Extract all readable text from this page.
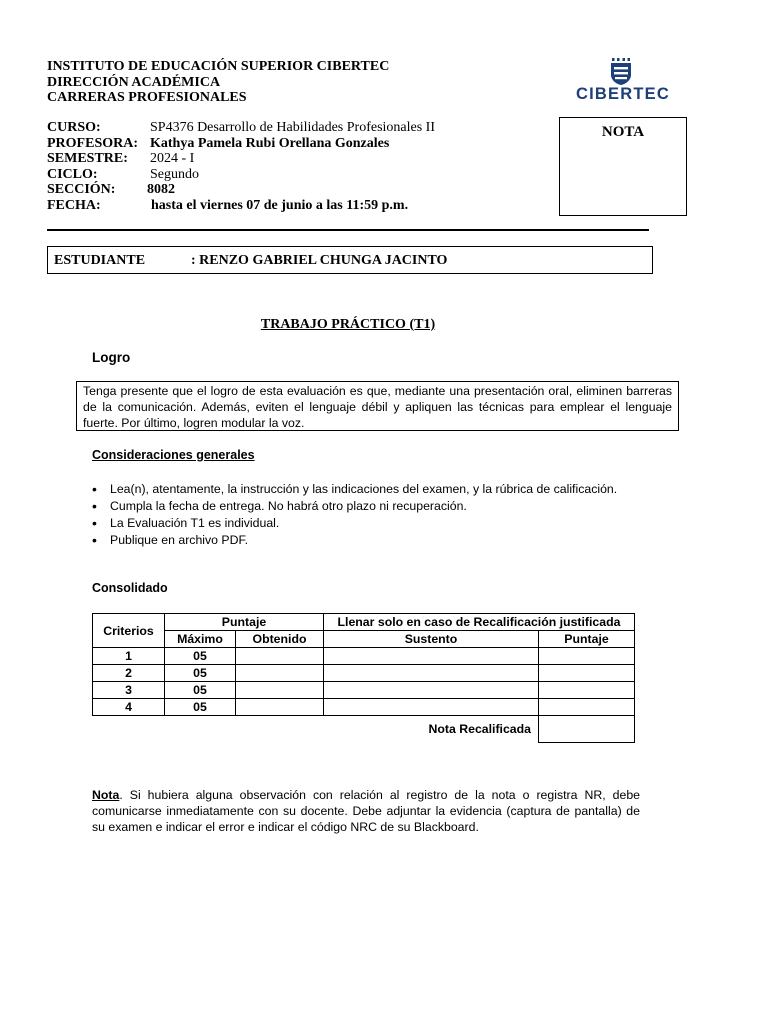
INSTITUTO DE EDUCACIÓN SUPERIOR CIBERTEC
DIRECCIÓN ACADÉMICA
CARRERAS PROFESIONALES	CIBERTEC
CURSO:	SP4376 Desarrollo de Habilidades Profesionales II
PROFESORA: Kathya Pamela Rubi Orellana Gonzales
SEMESTRE: 2024 - I
CICLO:	Segundo
SECCIÓN: 8082
FECHA:	hasta el viernes 07 de junio a las 11:59 p.m.
NOTA
ESTUDIANTE	: RENZO GABRIEL CHUNGA JACINTO
TRABAJO PRÁCTICO (T1)
Logro
Tenga presente que el logro de esta evaluación es que, mediante una presentación oral, eliminen barreras de la comunicación. Además, eviten el lenguaje débil y apliquen las técnicas para emplear el lenguaje fuerte. Por último, logren modular la voz.
Consideraciones generales
• Lea(n), atentamente, la instrucción y las indicaciones del examen, y la rúbrica de calificación.
• Cumpla la fecha de entrega. No habrá otro plazo ni recuperación.
• La Evaluación T1 es individual.
• Publique en archivo PDF.
Consolidado
Criterios	Puntaje		Llenar solo en caso de Recalificación justificada	
	Máximo	Obtenido	Sustento	Puntaje
1	05			
2	05			
3	05			
4	05			
			Nota Recalificada	
Nota. Si hubiera alguna observación con relación al registro de la nota o registra NR, debe comunicarse inmediatamente con su docente. Debe adjuntar la evidencia (captura de pantalla) de su examen e indicar el error e indicar el código NRC de su Blackboard.
